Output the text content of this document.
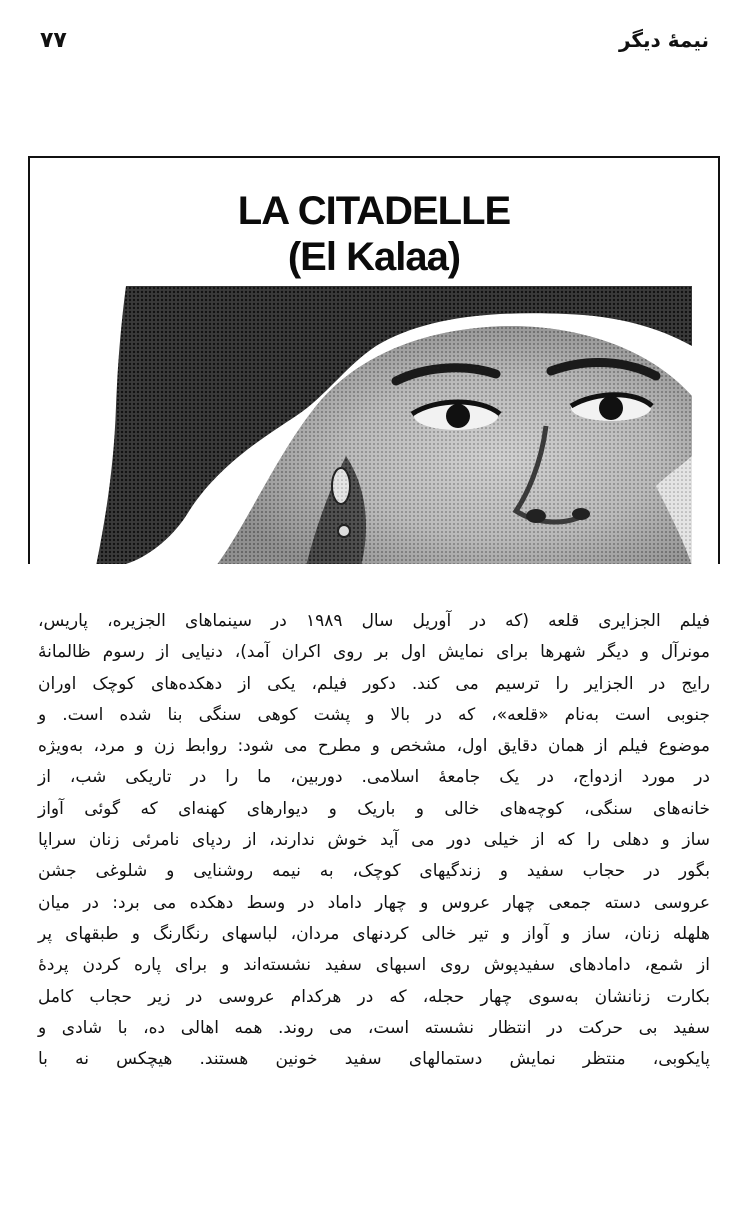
۷۷	نیمهٔ دیگر
LA CITADELLE
(El Kalaa)

فیلم الجزایری قلعه (که در آوریل سال ۱۹۸۹ در سینماهای الجزیره، پاریس،
مونرآل و دیگر شهرها برای نمایش اول بر روی اکران آمد)، دنیایی از رسوم ظالمانهٔ
رایج در الجزایر را ترسیم می کند. دکور فیلم، یکی از دهکده‌های کوچک اوران
جنوبی است به‌نام «قلعه»، که در بالا و پشت کوهی سنگی بنا شده است. و
موضوع فیلم از همان دقایق اول، مشخص و مطرح می شود: روابط زن و مرد، به‌ویژه
در مورد ازدواج، در یک جامعهٔ اسلامی. دوربین، ما را در تاریکی شب، از
خانه‌های سنگی، کوچه‌های خالی و باریک و دیوارهای کهنه‌ای که گوئی آواز
ساز و دهلی را که از خیلی دور می آید خوش ندارند، از ردپای نامرئی زنان سراپا
بگور در حجاب سفید و زندگیهای کوچک، به نیمه روشنایی و شلوغی جشن
عروسی دسته جمعی چهار عروس و چهار داماد در وسط دهکده می برد: در میان
هلهله زنان، ساز و آواز و تیر خالی کردنهای مردان، لباسهای رنگارنگ و طبقهای پر
از شمع، دامادهای سفیدپوش روی اسبهای سفید نشسته‌اند و برای پاره کردن پردهٔ
بکارت زنانشان به‌سوی چهار حجله، که در هرکدام عروسی در زیر حجاب کامل
سفید بی حرکت در انتظار نشسته است، می روند. همه اهالی ده، با شادی و
پایکوبی، منتظر نمایش دستمالهای سفید خونین هستند. هیچکس نه با
